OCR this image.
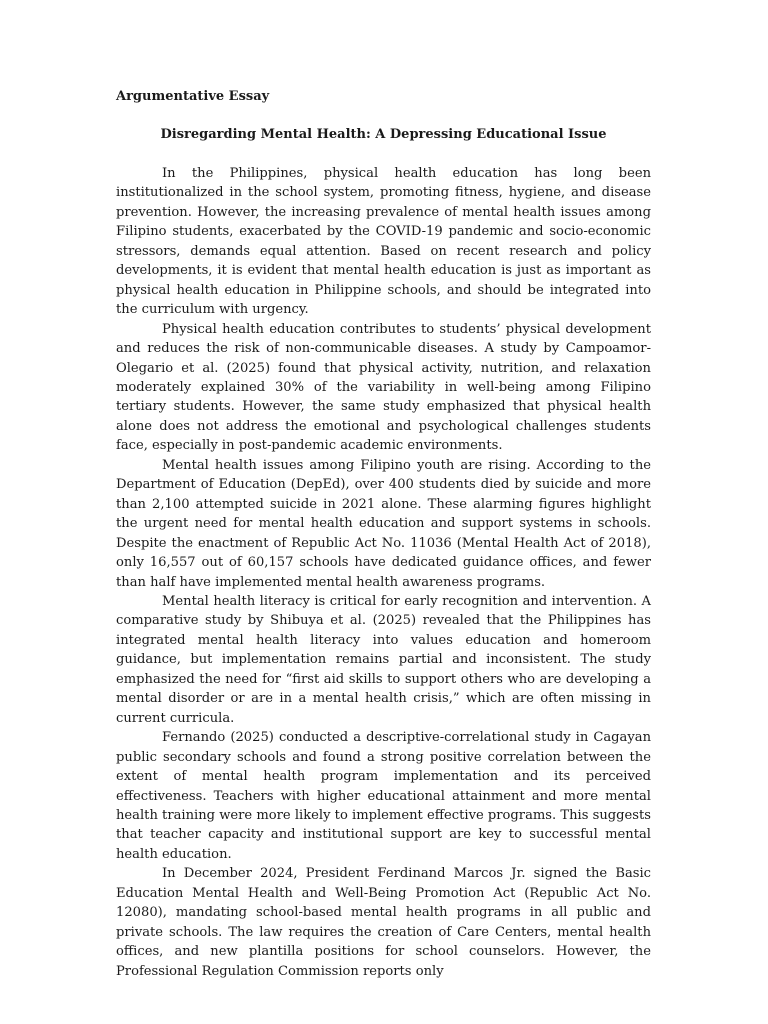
Argumentative Essay

Disregarding Mental Health: A Depressing Educational Issue

In the Philippines, physical health education has long been institutionalized in the school system, promoting fitness, hygiene, and disease prevention. However, the increasing prevalence of mental health issues among Filipino students, exacerbated by the COVID-19 pandemic and socio-economic stressors, demands equal attention. Based on recent research and policy developments, it is evident that mental health education is just as important as physical health education in Philippine schools, and should be integrated into the curriculum with urgency.

Physical health education contributes to students’ physical development and reduces the risk of non-communicable diseases. A study by Campoamor-Olegario et al. (2025) found that physical activity, nutrition, and relaxation moderately explained 30% of the variability in well-being among Filipino tertiary students. However, the same study emphasized that physical health alone does not address the emotional and psychological challenges students face, especially in post-pandemic academic environments.

Mental health issues among Filipino youth are rising. According to the Department of Education (DepEd), over 400 students died by suicide and more than 2,100 attempted suicide in 2021 alone. These alarming figures highlight the urgent need for mental health education and support systems in schools. Despite the enactment of Republic Act No. 11036 (Mental Health Act of 2018), only 16,557 out of 60,157 schools have dedicated guidance offices, and fewer than half have implemented mental health awareness programs.

Mental health literacy is critical for early recognition and intervention. A comparative study by Shibuya et al. (2025) revealed that the Philippines has integrated mental health literacy into values education and homeroom guidance, but implementation remains partial and inconsistent. The study emphasized the need for “first aid skills to support others who are developing a mental disorder or are in a mental health crisis,” which are often missing in current curricula.

Fernando (2025) conducted a descriptive-correlational study in Cagayan public secondary schools and found a strong positive correlation between the extent of mental health program implementation and its perceived effectiveness. Teachers with higher educational attainment and more mental health training were more likely to implement effective programs. This suggests that teacher capacity and institutional support are key to successful mental health education.

In December 2024, President Ferdinand Marcos Jr. signed the Basic Education Mental Health and Well-Being Promotion Act (Republic Act No. 12080), mandating school-based mental health programs in all public and private schools. The law requires the creation of Care Centers, mental health offices, and new plantilla positions for school counselors. However, the Professional Regulation Commission reports only
